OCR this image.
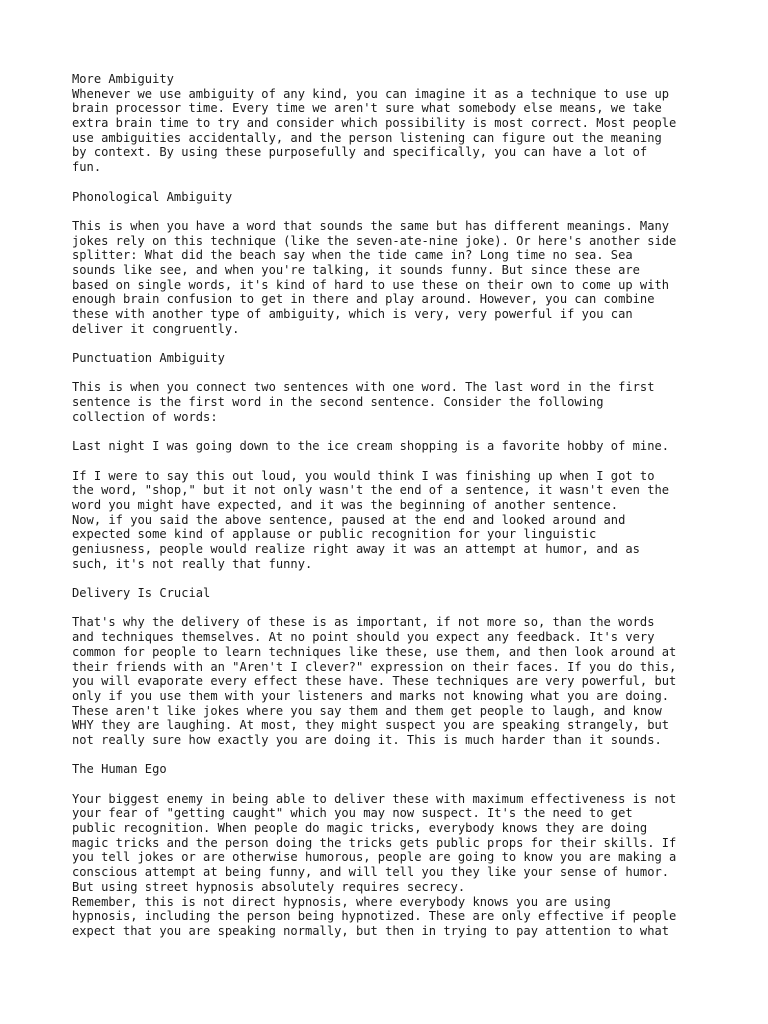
More Ambiguity
Whenever we use ambiguity of any kind, you can imagine it as a technique to use up
brain processor time. Every time we aren't sure what somebody else means, we take
extra brain time to try and consider which possibility is most correct. Most people
use ambiguities accidentally, and the person listening can figure out the meaning
by context. By using these purposefully and specifically, you can have a lot of
fun.
Phonological Ambiguity
This is when you have a word that sounds the same but has different meanings. Many
jokes rely on this technique (like the seven-ate-nine joke). Or here's another side
splitter: What did the beach say when the tide came in? Long time no sea. Sea
sounds like see, and when you're talking, it sounds funny. But since these are
based on single words, it's kind of hard to use these on their own to come up with
enough brain confusion to get in there and play around. However, you can combine
these with another type of ambiguity, which is very, very powerful if you can
deliver it congruently.
Punctuation Ambiguity
This is when you connect two sentences with one word. The last word in the first
sentence is the first word in the second sentence. Consider the following
collection of words:
Last night I was going down to the ice cream shopping is a favorite hobby of mine.
If I were to say this out loud, you would think I was finishing up when I got to
the word, "shop," but it not only wasn't the end of a sentence, it wasn't even the
word you might have expected, and it was the beginning of another sentence.
Now, if you said the above sentence, paused at the end and looked around and
expected some kind of applause or public recognition for your linguistic
geniusness, people would realize right away it was an attempt at humor, and as
such, it's not really that funny.
Delivery Is Crucial
That's why the delivery of these is as important, if not more so, than the words
and techniques themselves. At no point should you expect any feedback. It's very
common for people to learn techniques like these, use them, and then look around at
their friends with an "Aren't I clever?" expression on their faces. If you do this,
you will evaporate every effect these have. These techniques are very powerful, but
only if you use them with your listeners and marks not knowing what you are doing.
These aren't like jokes where you say them and them get people to laugh, and know
WHY they are laughing. At most, they might suspect you are speaking strangely, but
not really sure how exactly you are doing it. This is much harder than it sounds.
The Human Ego
Your biggest enemy in being able to deliver these with maximum effectiveness is not
your fear of "getting caught" which you may now suspect. It's the need to get
public recognition. When people do magic tricks, everybody knows they are doing
magic tricks and the person doing the tricks gets public props for their skills. If
you tell jokes or are otherwise humorous, people are going to know you are making a
conscious attempt at being funny, and will tell you they like your sense of humor.
But using street hypnosis absolutely requires secrecy.
Remember, this is not direct hypnosis, where everybody knows you are using
hypnosis, including the person being hypnotized. These are only effective if people
expect that you are speaking normally, but then in trying to pay attention to what
